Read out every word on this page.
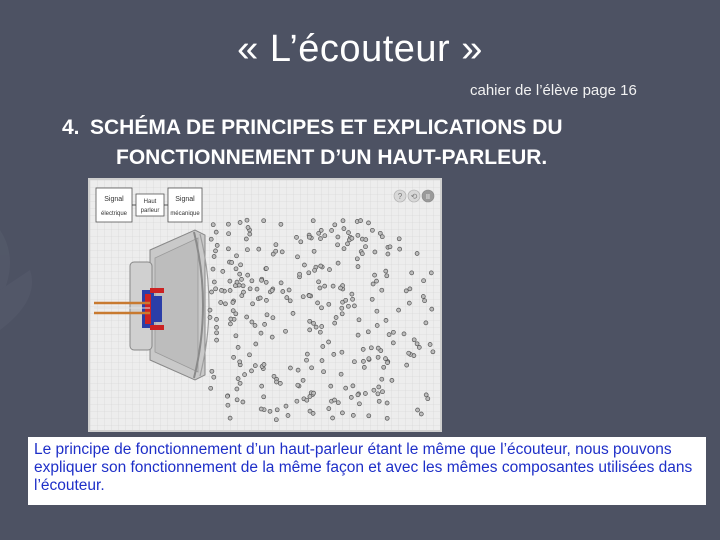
« L’écouteur »
cahier de l’élève page 16
4. SCHÉMA DE PRINCIPES ET EXPLICATIONS DU
FONCTIONNEMENT D’UN HAUT-PARLEUR.
Signal
électrique
Haut
parleur
Signal
mécanique
? ⟲ II
Le principe de fonctionnement d’un haut-parleur étant le même que l’écouteur, nous pouvons expliquer son fonctionnement de la même façon et avec les mêmes composantes utilisées dans l’écouteur.
